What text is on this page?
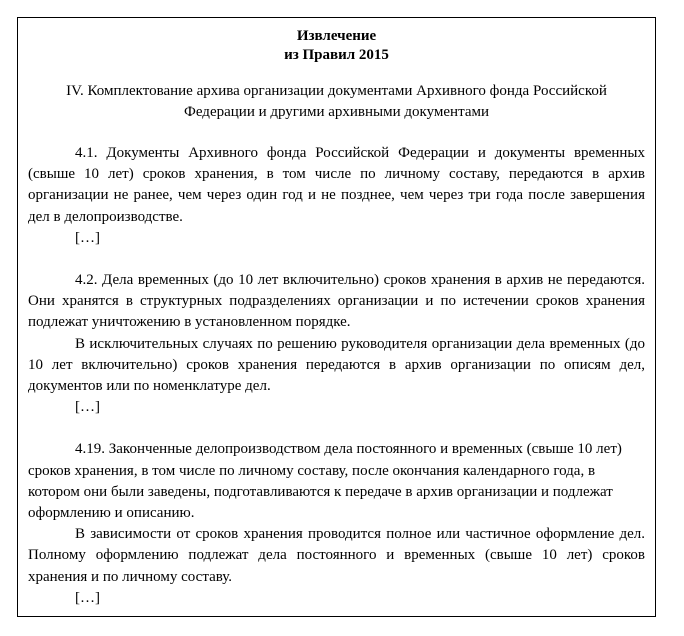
Извлечение

из Правил 2015

IV. Комплектование архива организации документами Архивного фонда Российской Федерации и другими архивными документами

4.1. Документы Архивного фонда Российской Федерации и документы временных (свыше 10 лет) сроков хранения, в том числе по личному составу, передаются в архив организации не ранее, чем через один год и не позднее, чем через три года после завершения дел в делопроизводстве.

[…]

4.2. Дела временных (до 10 лет включительно) сроков хранения в архив не передаются. Они хранятся в структурных подразделениях организации и по истечении сроков хранения подлежат уничтожению в установленном порядке.

В исключительных случаях по решению руководителя организации дела временных (до 10 лет включительно) сроков хранения передаются в архив организации по описям дел, документов или по номенклатуре дел.

[…]

4.19. Законченные делопроизводством дела постоянного и временных (свыше 10 лет) сроков хранения, в том числе по личному составу, после окончания календарного года, в котором они были заведены, подготавливаются к передаче в архив организации и подлежат оформлению и описанию.

В зависимости от сроков хранения проводится полное или частичное оформление дел. Полному оформлению подлежат дела постоянного и временных (свыше 10 лет) сроков хранения и по личному составу.

[…]
